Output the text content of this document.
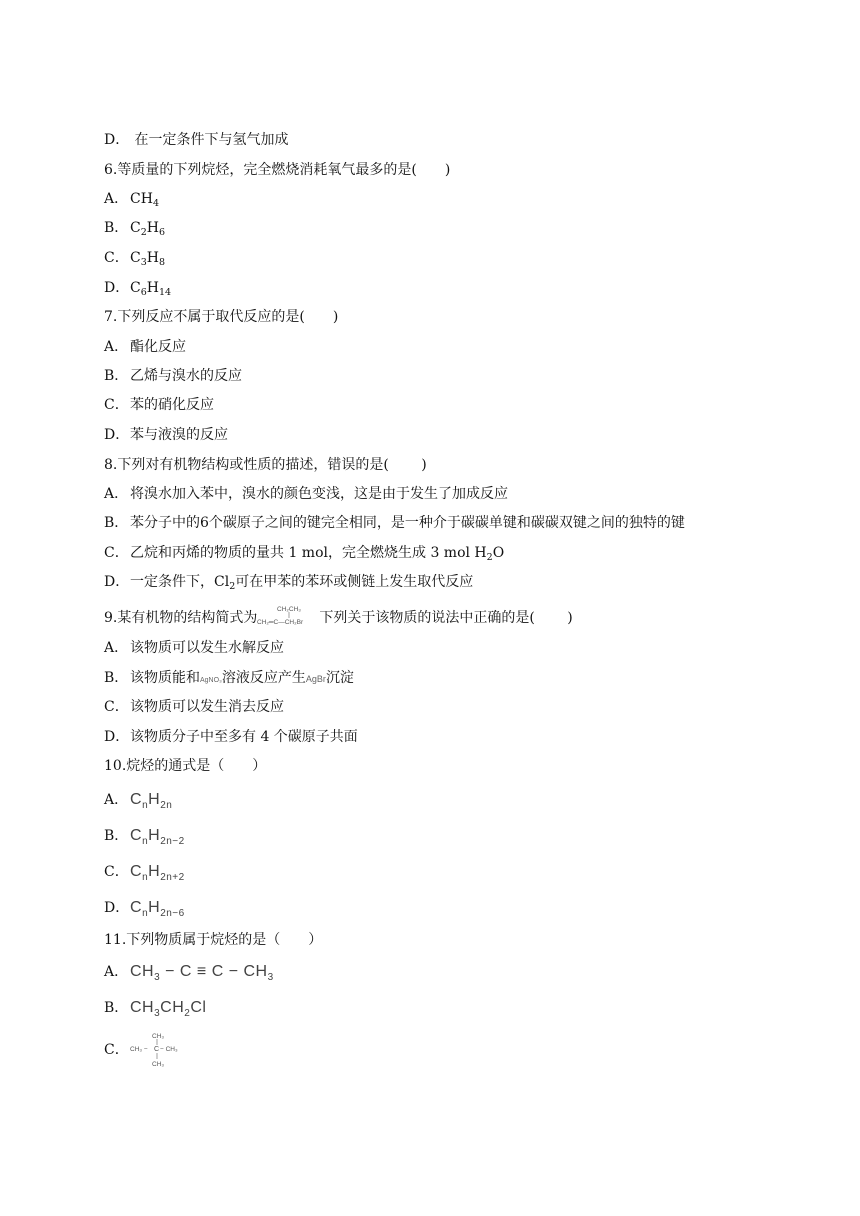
D． 在一定条件下与氢气加成
6.等质量的下列烷烃，完全燃烧消耗氧气最多的是(　　)
A． $CH_4$
B． $C_2H_6$
C．$C_3H_8$
D．$C_6H_{14}$
7.下列反应不属于取代反应的是(　　)
A． 酯化反应
B． 乙烯与溴水的反应
C．苯的硝化反应
D．苯与液溴的反应
8.下列对有机物结构或性质的描述，错误的是(　　 )
A． 将溴水加入苯中，溴水的颜色变浅，这是由于发生了加成反应
B． 苯分子中的6个碳原子之间的键完全相同，是一种介于碳碳单键和碳碳双键之间的独特的键
C．乙烷和丙烯的物质的量共 1 mol，完全燃烧生成 3 mol $H_2O$
D．一定条件下，$Cl_2$可在甲苯的苯环或侧链上发生取代反应
9.某有机物的结构简式为
CH₂CH₃
CH₂═C—CH₂Br 下列关于该物质的说法中正确的是(　　 )
A． 该物质可以发生水解反应
B． 该物质能和AgNO₃溶液反应产生AgBr沉淀
C．该物质可以发生消去反应
D．该物质分子中至多有 4 个碳原子共面
10.烷烃的通式是（　　）
A． $C_nH_{2n}$
B． $C_nH_{2n-2}$
C．$C_nH_{2n+2}$
D．$C_nH_{2n-6}$
11.下列物质属于烷烃的是（　　）
A． $CH_3 - C \equiv C - CH_3$
B． $CH_3CH_2Cl$
C．
CH₃
CH₃ − C − CH₃
CH₃
